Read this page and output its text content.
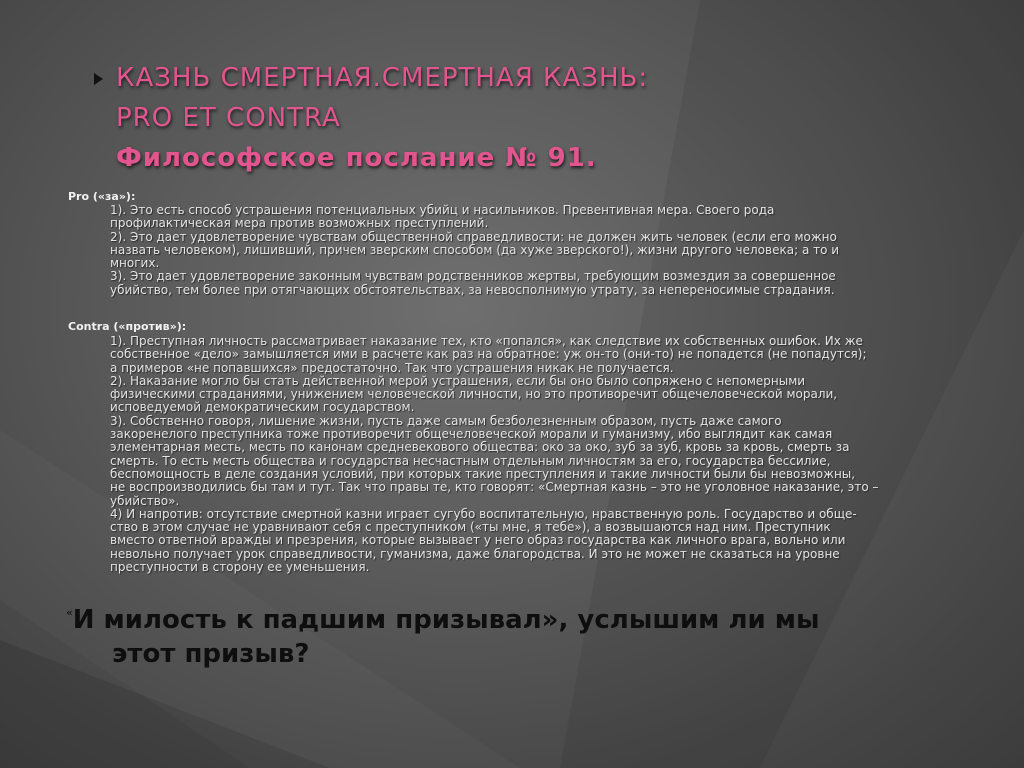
КАЗНЬ СМЕРТНАЯ.СМЕРТНАЯ КАЗНЬ:
PRO ET CONTRA
Философское послание № 91.
Pro («за»):
1). Это есть способ устрашения потенциальных убийц и насильников. Превентивная мера. Своего рода
профилактическая мера против возможных преступлений.
2). Это дает удовлетворение чувствам общественной справедливости: не должен жить человек (если его можно
назвать человеком), лишивший, причем зверским способом (да хуже зверского!), жизни другого человека; а то и
многих.
3). Это дает удовлетворение законным чувствам родственников жертвы, требующим возмездия за совершенное
убийство, тем более при отягчающих обстоятельствах, за невосполнимую утрату, за непереносимые страдания.
Contra («против»):
1). Преступная личность рассматривает наказание тех, кто «попался», как следствие их собственных ошибок. Их же
собственное «дело» замышляется ими в расчете как раз на обратное: уж он-то (они-то) не попадется (не попадутся);
а примеров «не попавшихся» предостаточно. Так что устрашения никак не получается.
2). Наказание могло бы стать действенной мерой устрашения, если бы оно было сопряжено с непомерными
физическими страданиями, унижением человеческой личности, но это противоречит общечеловеческой морали,
исповедуемой демократическим государством.
3). Собственно говоря, лишение жизни, пусть даже самым безболезненным образом, пусть даже самого
закоренелого преступника тоже противоречит общечеловеческой морали и гуманизму, ибо выглядит как самая
элементарная месть, месть по канонам средневекового общества: око за око, зуб за зуб, кровь за кровь, смерть за
смерть. То есть месть общества и государства несчастным отдельным личностям за его, государства бессилие,
беспомощность в деле создания условий, при которых такие преступления и такие личности были бы невозможны,
не воспроизводились бы там и тут. Так что правы те, кто говорят: «Смертная казнь – это не уголовное наказание, это –
убийство».
4) И напротив: отсутствие смертной казни играет сугубо воспитательную, нравственную роль. Государство и обще-
ство в этом случае не уравнивают себя с преступником («ты мне, я тебе»), а возвышаются над ним. Преступник
вместо ответной вражды и презрения, которые вызывает у него образ государства как личного врага, вольно или
невольно получает урок справедливости, гуманизма, даже благородства. И это не может не сказаться на уровне
преступности в сторону ее уменьшения.
«И милость к падшим призывал», услышим ли мы
этот призыв?
